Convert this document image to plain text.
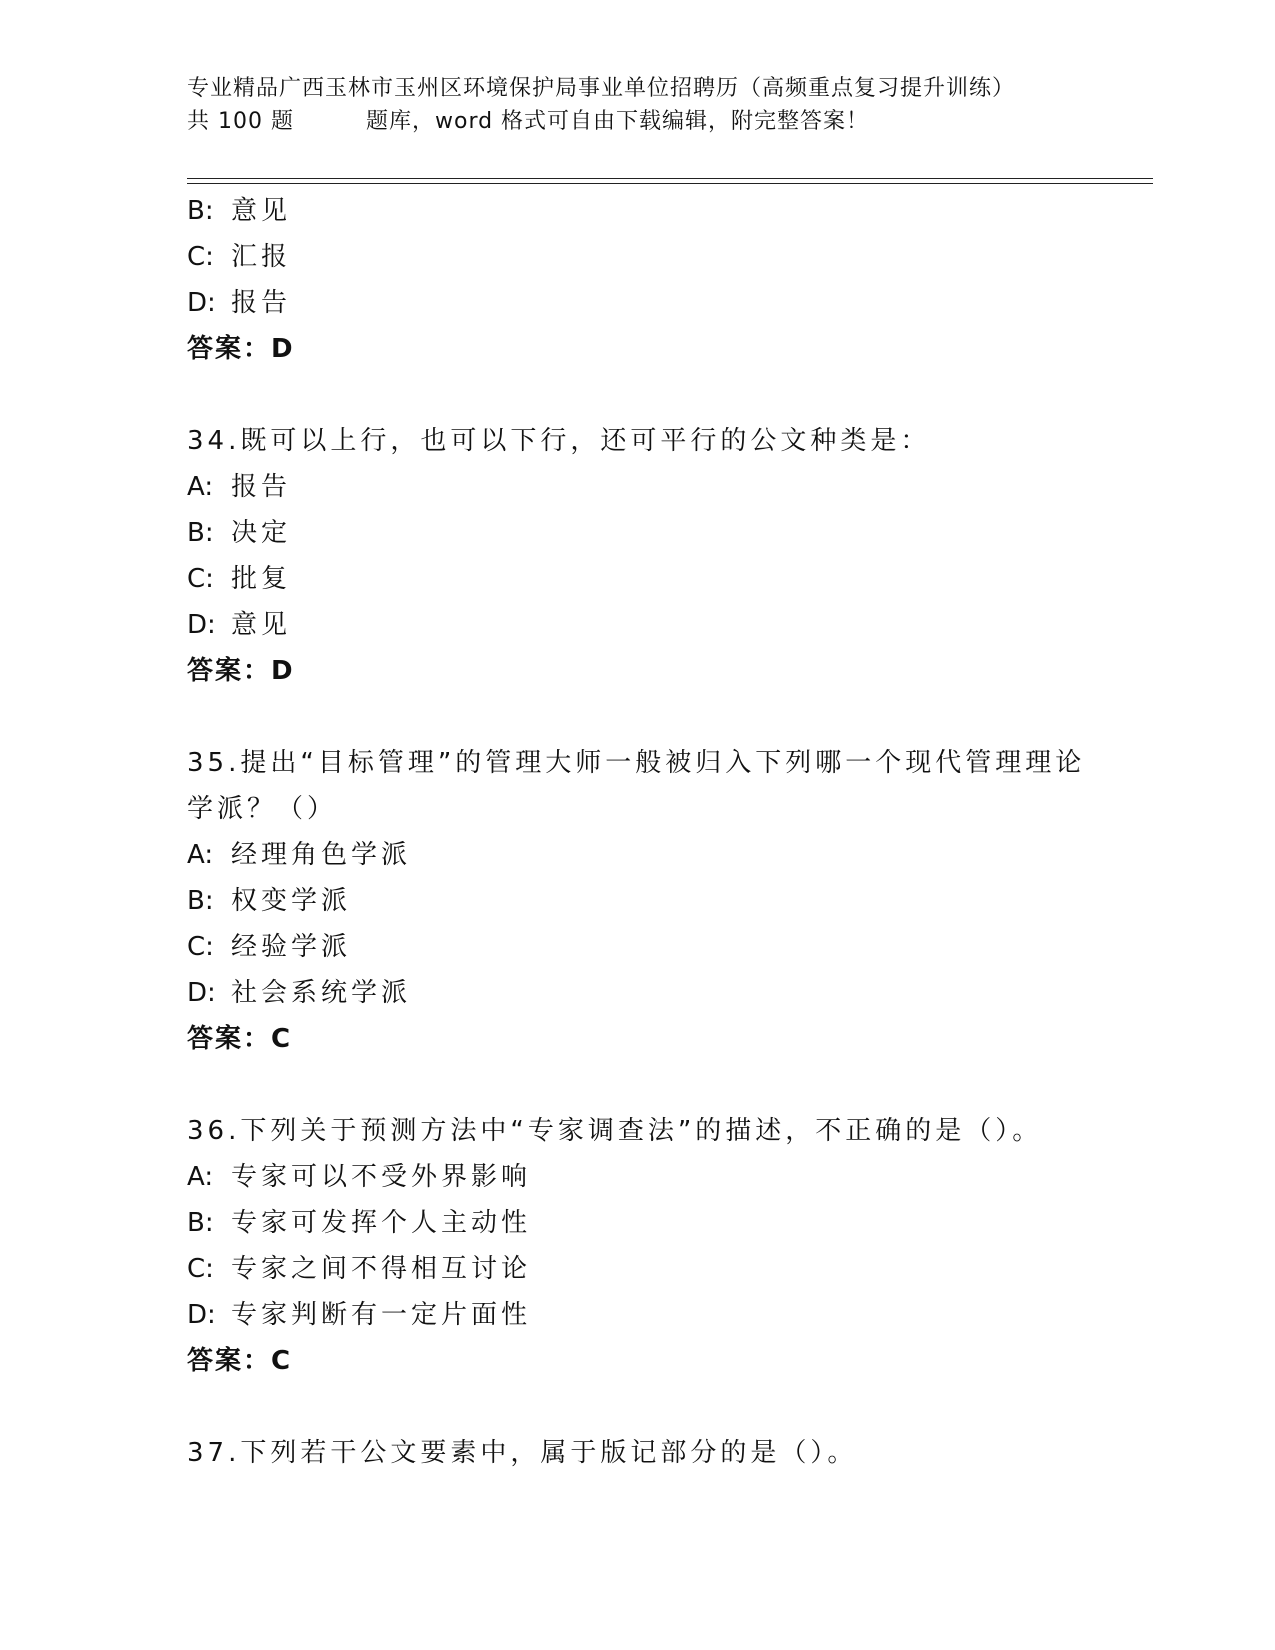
专业精品广西玉林市玉州区环境保护局事业单位招聘历（高频重点复习提升训练）
共 100 题	题库，word 格式可自由下载编辑，附完整答案！
B: 意见
C: 汇报
D: 报告
答案：D
34.既可以上行，也可以下行，还可平行的公文种类是：
A: 报告
B: 决定
C: 批复
D: 意见
答案：D
35.提出“目标管理”的管理大师一般被归入下列哪一个现代管理理论
学派？（）
A: 经理角色学派
B: 权变学派
C: 经验学派
D: 社会系统学派
答案：C
36.下列关于预测方法中“专家调查法”的描述，不正确的是（）。
A: 专家可以不受外界影响
B: 专家可发挥个人主动性
C: 专家之间不得相互讨论
D: 专家判断有一定片面性
答案：C
37.下列若干公文要素中，属于版记部分的是（）。
